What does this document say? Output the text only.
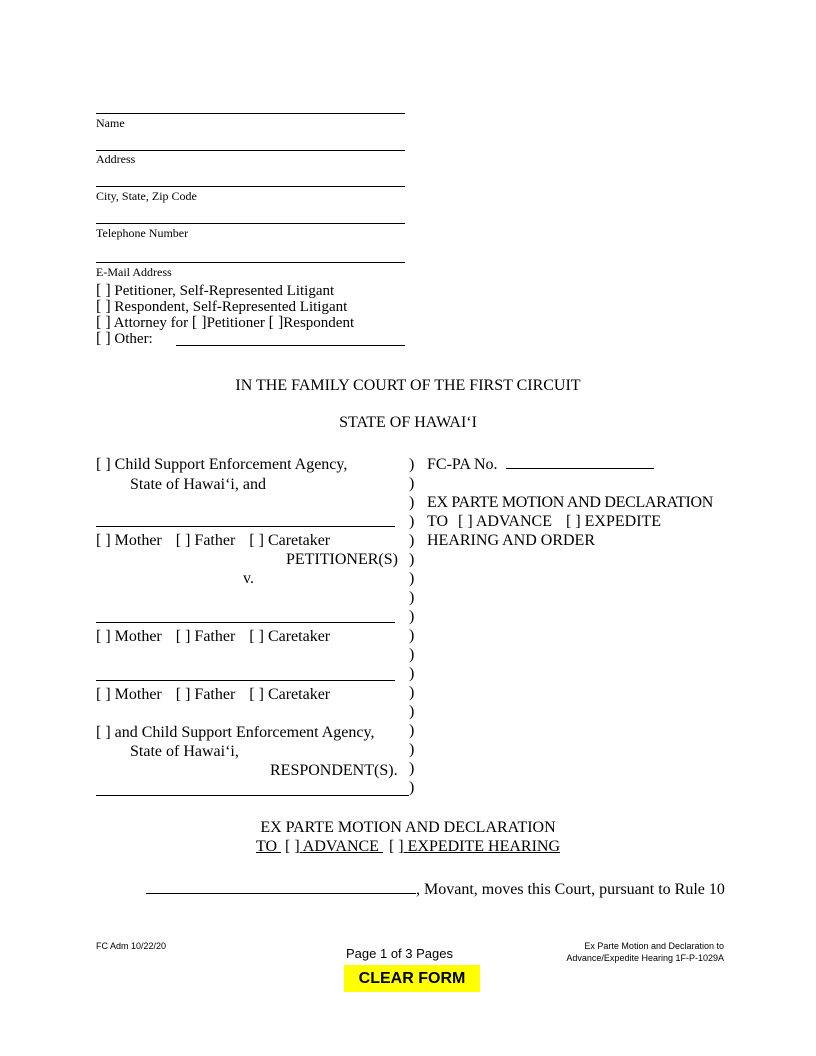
Name
Address
City, State, Zip Code
Telephone Number
E-Mail Address
[ ] Petitioner, Self-Represented Litigant
[ ] Respondent, Self-Represented Litigant
[ ] Attorney for [ ]Petitioner [ ]Respondent
[ ] Other:
IN THE FAMILY COURT OF THE FIRST CIRCUIT
STATE OF HAWAI‘I
[ ] Child Support Enforcement Agency,
State of Hawai‘i, and
[ ] Mother [ ] Father [ ] Caretaker
PETITIONER(S)
v.
[ ] Mother [ ] Father [ ] Caretaker
[ ] Mother [ ] Father [ ] Caretaker
[ ] and Child Support Enforcement Agency,
State of Hawai‘i,
RESPONDENT(S).
)
)
)
)
)
)
)
)
)
)
)
)
)
)
)
)
)
)
FC-PA No.
EX PARTE MOTION AND DECLARATION
TO [ ] ADVANCE [ ] EXPEDITE
HEARING AND ORDER
EX PARTE MOTION AND DECLARATION
TO [ ] ADVANCE [ ] EXPEDITE HEARING
, Movant, moves this Court, pursuant to Rule 10
FC Adm 10/22/20	Page 1 of 3 Pages	Ex Parte Motion and Declaration to
Advance/Expedite Hearing 1F-P-1029A
CLEAR FORM
